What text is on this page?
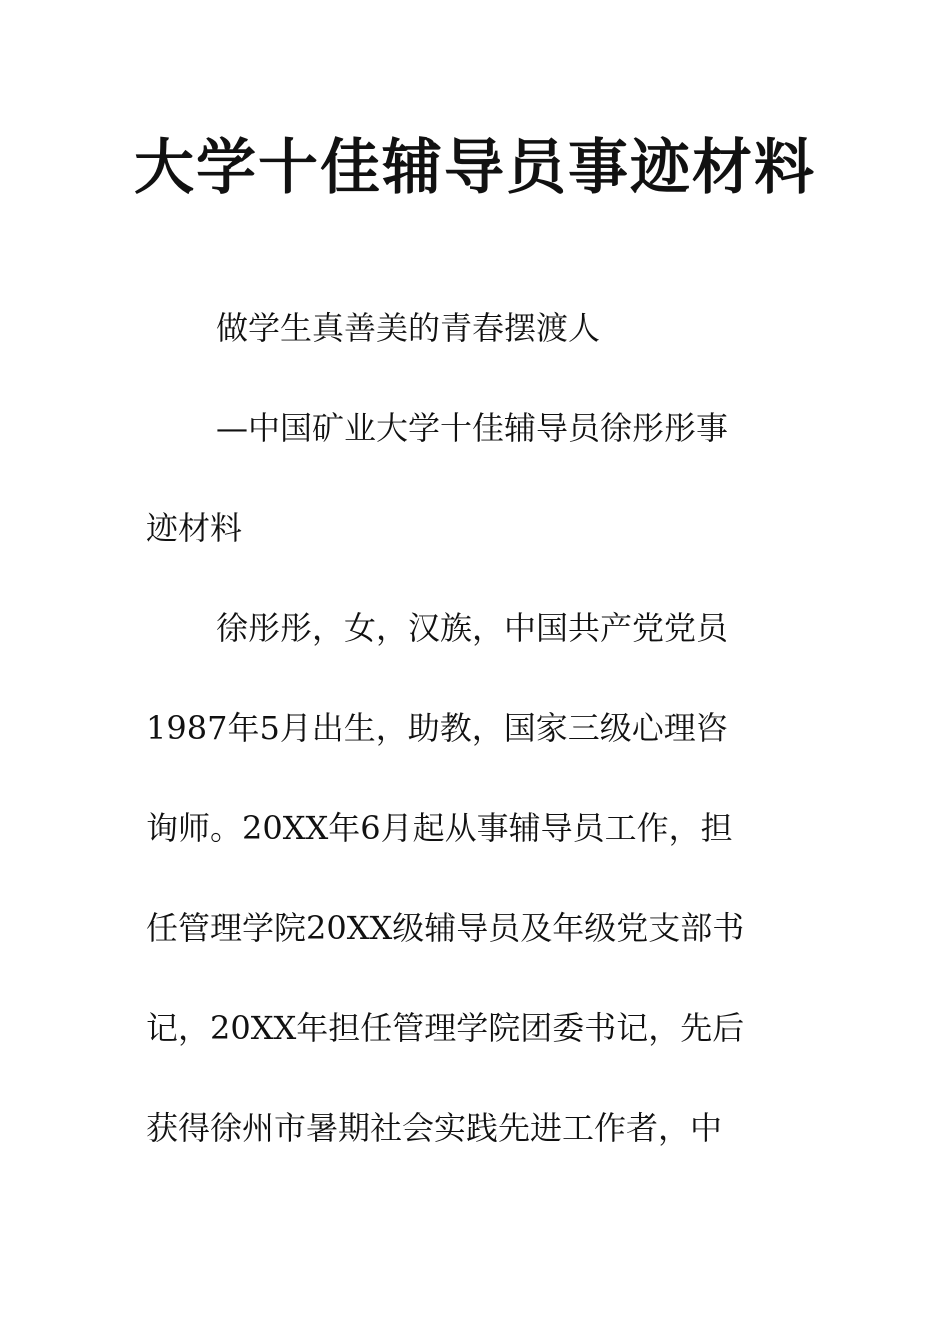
大学十佳辅导员事迹材料

做学生真善美的青春摆渡人

—中国矿业大学十佳辅导员徐彤彤事

迹材料

徐彤彤，女，汉族，中国共产党党员

1987年5月出生，助教，国家三级心理咨

询师。20XX年6月起从事辅导员工作，担

任管理学院20XX级辅导员及年级党支部书

记，20XX年担任管理学院团委书记，先后

获得徐州市暑期社会实践先进工作者，中
